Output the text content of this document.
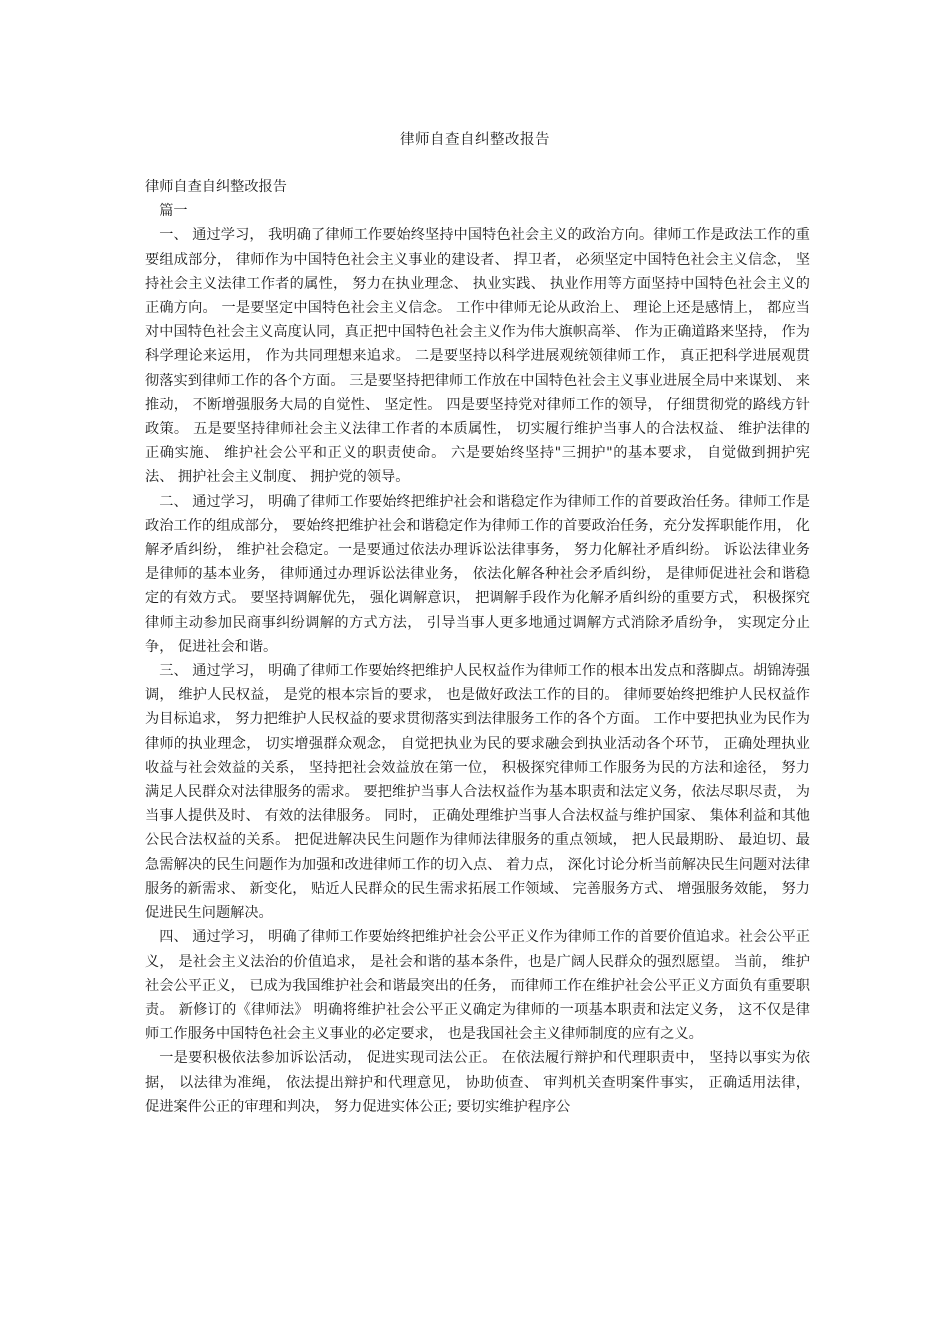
律师自查自纠整改报告

律师自查自纠整改报告

篇一

一、 通过学习， 我明确了律师工作要始终坚持中国特色社会主义的政治方向。律师工作是政法工作的重要组成部分， 律师作为中国特色社会主义事业的建设者、 捍卫者， 必须坚定中国特色社会主义信念， 坚持社会主义法律工作者的属性， 努力在执业理念、 执业实践、 执业作用等方面坚持中国特色社会主义的正确方向。 一是要坚定中国特色社会主义信念。 工作中律师无论从政治上、 理论上还是感情上， 都应当对中国特色社会主义高度认同，真正把中国特色社会主义作为伟大旗帜高举、 作为正确道路来坚持， 作为科学理论来运用， 作为共同理想来追求。 二是要坚持以科学进展观统领律师工作， 真正把科学进展观贯彻落实到律师工作的各个方面。 三是要坚持把律师工作放在中国特色社会主义事业进展全局中来谋划、 来推动， 不断增强服务大局的自觉性、 坚定性。 四是要坚持党对律师工作的领导， 仔细贯彻党的路线方针政策。 五是要坚持律师社会主义法律工作者的本质属性， 切实履行维护当事人的合法权益、 维护法律的正确实施、 维护社会公平和正义的职责使命。 六是要始终坚持"三拥护"的基本要求， 自觉做到拥护宪法、 拥护社会主义制度、 拥护党的领导。

二、 通过学习， 明确了律师工作要始终把维护社会和谐稳定作为律师工作的首要政治任务。律师工作是政治工作的组成部分， 要始终把维护社会和谐稳定作为律师工作的首要政治任务，充分发挥职能作用， 化解矛盾纠纷， 维护社会稳定。一是要通过依法办理诉讼法律事务， 努力化解社矛盾纠纷。 诉讼法律业务是律师的基本业务， 律师通过办理诉讼法律业务， 依法化解各种社会矛盾纠纷， 是律师促进社会和谐稳定的有效方式。 要坚持调解优先， 强化调解意识， 把调解手段作为化解矛盾纠纷的重要方式， 积极探究律师主动参加民商事纠纷调解的方式方法， 引导当事人更多地通过调解方式消除矛盾纷争， 实现定分止争， 促进社会和谐。

三、 通过学习， 明确了律师工作要始终把维护人民权益作为律师工作的根本出发点和落脚点。胡锦涛强调， 维护人民权益， 是党的根本宗旨的要求， 也是做好政法工作的目的。 律师要始终把维护人民权益作为目标追求， 努力把维护人民权益的要求贯彻落实到法律服务工作的各个方面。 工作中要把执业为民作为律师的执业理念， 切实增强群众观念， 自觉把执业为民的要求融会到执业活动各个环节， 正确处理执业收益与社会效益的关系， 坚持把社会效益放在第一位， 积极探究律师工作服务为民的方法和途径， 努力满足人民群众对法律服务的需求。 要把维护当事人合法权益作为基本职责和法定义务，依法尽职尽责， 为当事人提供及时、 有效的法律服务。 同时， 正确处理维护当事人合法权益与维护国家、 集体利益和其他公民合法权益的关系。 把促进解决民生问题作为律师法律服务的重点领域， 把人民最期盼、 最迫切、最急需解决的民生问题作为加强和改进律师工作的切入点、 着力点， 深化讨论分析当前解决民生问题对法律服务的新需求、 新变化， 贴近人民群众的民生需求拓展工作领域、 完善服务方式、 增强服务效能， 努力促进民生问题解决。

四、 通过学习， 明确了律师工作要始终把维护社会公平正义作为律师工作的首要价值追求。社会公平正义， 是社会主义法治的价值追求， 是社会和谐的基本条件，也是广阔人民群众的强烈愿望。 当前， 维护社会公平正义， 已成为我国维护社会和谐最突出的任务， 而律师工作在维护社会公平正义方面负有重要职责。 新修订的《律师法》 明确将维护社会公平正义确定为律师的一项基本职责和法定义务， 这不仅是律师工作服务中国特色社会主义事业的必定要求， 也是我国社会主义律师制度的应有之义。

一是要积极依法参加诉讼活动， 促进实现司法公正。 在依法履行辩护和代理职责中， 坚持以事实为依据， 以法律为准绳， 依法提出辩护和代理意见， 协助侦查、 审判机关查明案件事实， 正确适用法律， 促进案件公正的审理和判决， 努力促进实体公正; 要切实维护程序公
